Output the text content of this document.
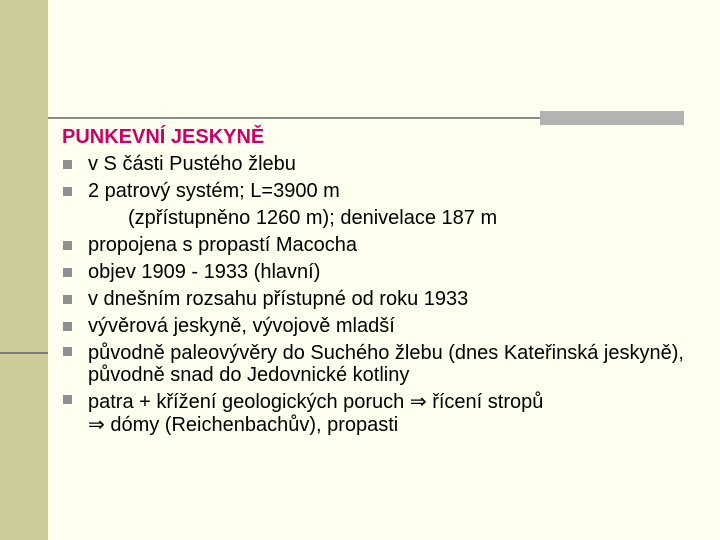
PUNKEVNÍ JESKYNĚ
v S části Pustého žlebu
2 patrový systém; L=3900 m
(zpřístupněno 1260 m); denivelace 187 m
propojena s propastí Macocha
objev 1909 - 1933 (hlavní)
v dnešním rozsahu přístupné od roku 1933
vývěrová jeskyně, vývojově mladší
původně paleovývěry do Suchého žlebu (dnes Kateřinská jeskyně), původně snad do Jedovnické kotliny
patra + křížení geologických poruch ⇒ řícení stropů
⇒ dómy (Reichenbachův), propasti
